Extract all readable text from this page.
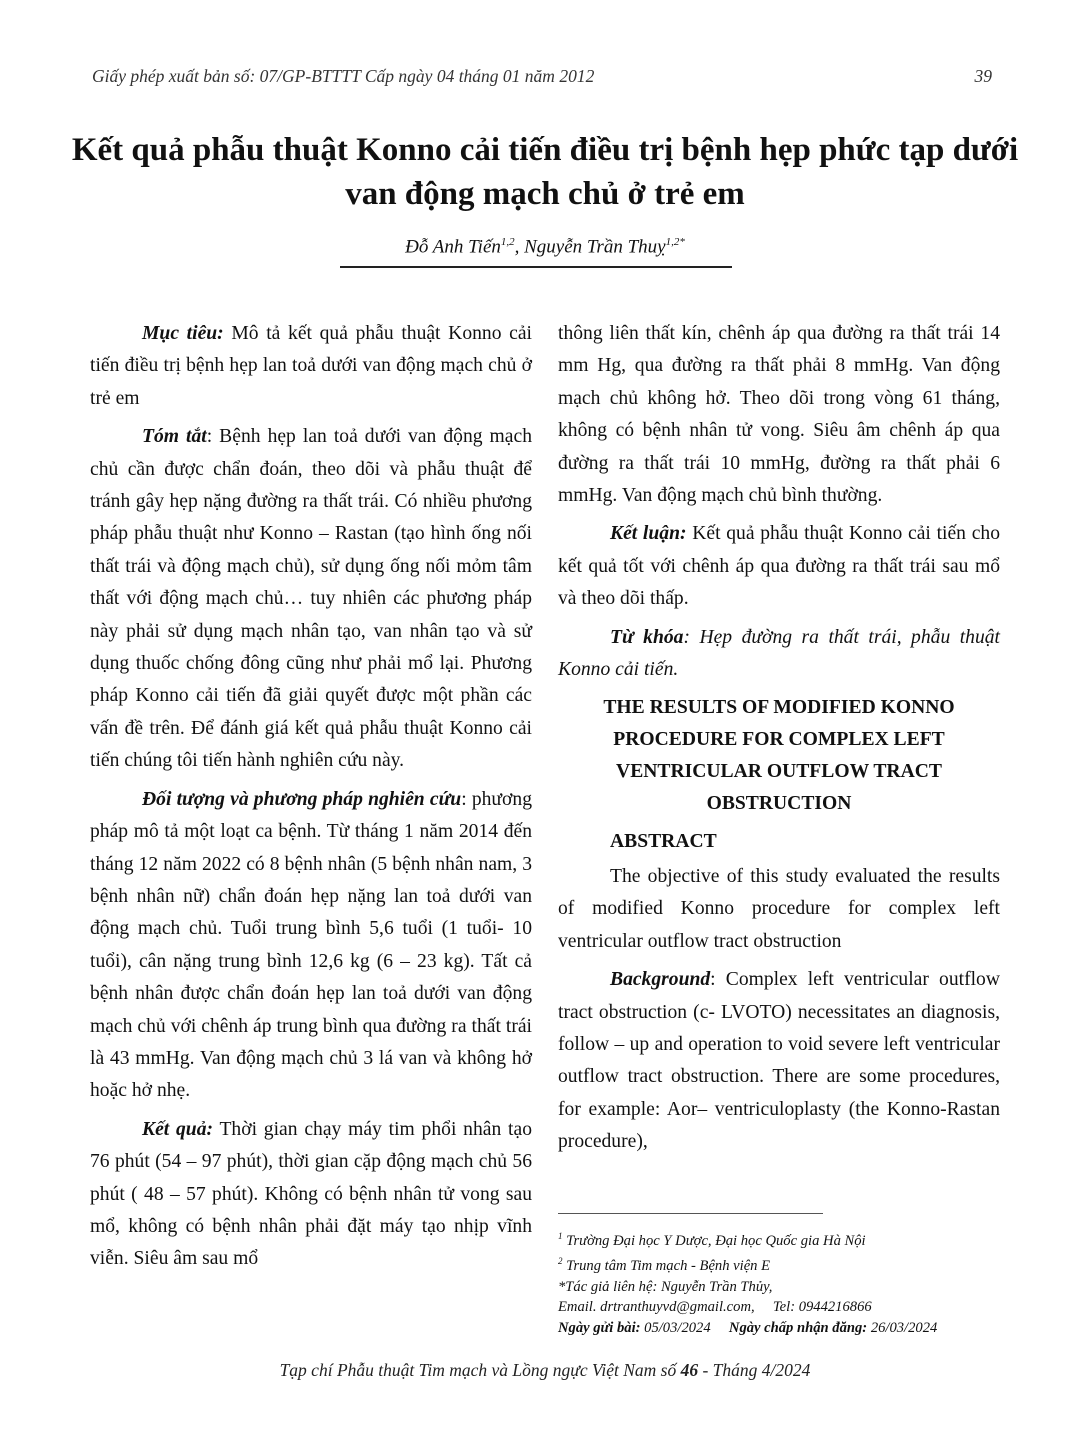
Giấy phép xuất bản số: 07/GP-BTTTT Cấp ngày 04 tháng 01 năm 2012	39
Kết quả phẫu thuật Konno cải tiến điều trị bệnh hẹp phức tạp dưới van động mạch chủ ở trẻ em
Đỗ Anh Tiến$^{1,2}$, Nguyễn Trần Thuỵ$^{1,2*}$

Mục tiêu: Mô tả kết quả phẫu thuật Konno cải tiến điều trị bệnh hẹp lan toả dưới van động mạch chủ ở trẻ em

Tóm tắt: Bệnh hẹp lan toả dưới van động mạch chủ cần được chẩn đoán, theo dõi và phẫu thuật để tránh gây hẹp nặng đường ra thất trái. Có nhiều phương pháp phẫu thuật như Konno – Rastan (tạo hình ống nối thất trái và động mạch chủ), sử dụng ống nối mỏm tâm thất với động mạch chủ… tuy nhiên các phương pháp này phải sử dụng mạch nhân tạo, van nhân tạo và sử dụng thuốc chống đông cũng như phải mổ lại. Phương pháp Konno cải tiến đã giải quyết được một phần các vấn đề trên. Để đánh giá kết quả phẫu thuật Konno cải tiến chúng tôi tiến hành nghiên cứu này.

Đối tượng và phương pháp nghiên cứu: phương pháp mô tả một loạt ca bệnh. Từ tháng 1 năm 2014 đến tháng 12 năm 2022 có 8 bệnh nhân (5 bệnh nhân nam, 3 bệnh nhân nữ) chẩn đoán hẹp nặng lan toả dưới van động mạch chủ. Tuổi trung bình 5,6 tuổi (1 tuổi- 10 tuổi), cân nặng trung bình 12,6 kg (6 – 23 kg). Tất cả bệnh nhân được chẩn đoán hẹp lan toả dưới van động mạch chủ với chênh áp trung bình qua đường ra thất trái là 43 mmHg. Van động mạch chủ 3 lá van và không hở hoặc hở nhẹ.

Kết quả: Thời gian chạy máy tim phổi nhân tạo 76 phút (54 – 97 phút), thời gian cặp động mạch chủ 56 phút ( 48 – 57 phút). Không có bệnh nhân tử vong sau mổ, không có bệnh nhân phải đặt máy tạo nhịp vĩnh viễn. Siêu âm sau mổ

thông liên thất kín, chênh áp qua đường ra thất trái 14 mm Hg, qua đường ra thất phải 8 mmHg. Van động mạch chủ không hở. Theo dõi trong vòng 61 tháng, không có bệnh nhân tử vong. Siêu âm chênh áp qua đường ra thất trái 10 mmHg, đường ra thất phải 6 mmHg. Van động mạch chủ bình thường.

Kết luận: Kết quả phẫu thuật Konno cải tiến cho kết quả tốt với chênh áp qua đường ra thất trái sau mổ và theo dõi thấp.

Từ khóa: Hẹp đường ra thất trái, phẫu thuật Konno cải tiến.

THE RESULTS OF MODIFIED KONNO PROCEDURE FOR COMPLEX LEFT VENTRICULAR OUTFLOW TRACT OBSTRUCTION

ABSTRACT

The objective of this study evaluated the results of modified Konno procedure for complex left ventricular outflow tract obstruction

Background: Complex left ventricular outflow tract obstruction (c- LVOTO) necessitates an diagnosis, follow – up and operation to void severe left ventricular outflow tract obstruction. There are some procedures, for example: Aor– ventriculoplasty (the Konno-Rastan procedure),

$^1$ Trường Đại học Y Dược, Đại học Quốc gia Hà Nội
$^2$ Trung tâm Tim mạch - Bệnh viện E
*Tác giả liên hệ: Nguyễn Trần Thủy,
Email. drtranthuyvd@gmail.com,     Tel: 0944216866
Ngày gửi bài: 05/03/2024 Ngày chấp nhận đăng: 26/03/2024
Tạp chí Phẫu thuật Tim mạch và Lồng ngực Việt Nam số 46 - Tháng 4/2024
